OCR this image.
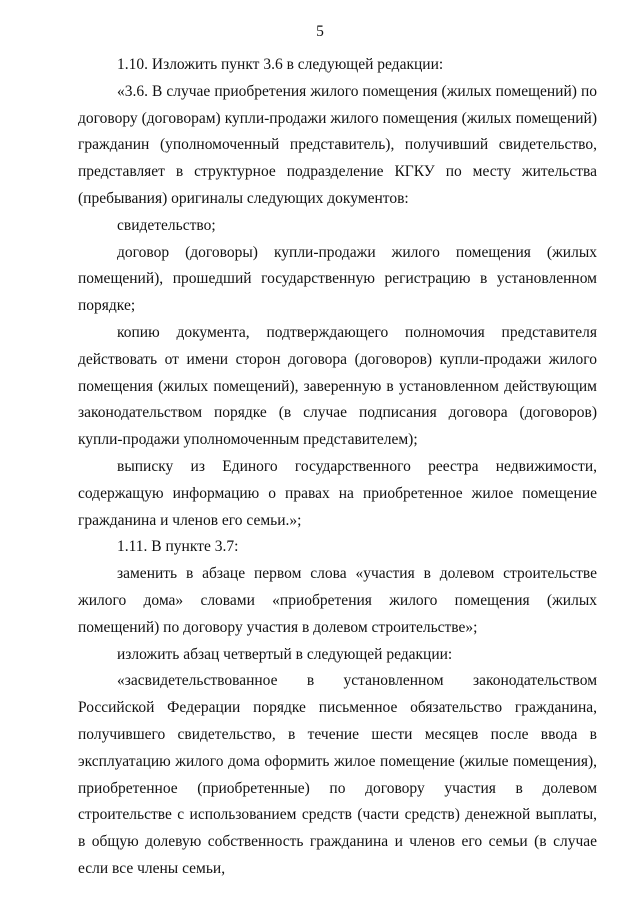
5

1.10. Изложить пункт 3.6 в следующей редакции:

«3.6. В случае приобретения жилого помещения (жилых помещений) по договору (договорам) купли-продажи жилого помещения (жилых помещений) гражданин (уполномоченный представитель), получивший свидетельство, представляет в структурное подразделение КГКУ по месту жительства (пребывания) оригиналы следующих документов:

свидетельство;

договор (договоры) купли-продажи жилого помещения (жилых помещений), прошедший государственную регистрацию в установленном порядке;

копию документа, подтверждающего полномочия представителя действовать от имени сторон договора (договоров) купли-продажи жилого помещения (жилых помещений), заверенную в установленном действующим законодательством порядке (в случае подписания договора (договоров) купли-продажи уполномоченным представителем);

выписку из Единого государственного реестра недвижимости, содержащую информацию о правах на приобретенное жилое помещение гражданина и членов его семьи.»;

1.11. В пункте 3.7:

заменить в абзаце первом слова «участия в долевом строительстве жилого дома» словами «приобретения жилого помещения (жилых помещений) по договору участия в долевом строительстве»;

изложить абзац четвертый в следующей редакции:

«засвидетельствованное в установленном законодательством Российской Федерации порядке письменное обязательство гражданина, получившего свидетельство, в течение шести месяцев после ввода в эксплуатацию жилого дома оформить жилое помещение (жилые помещения), приобретенное (приобретенные) по договору участия в долевом строительстве с использованием средств (части средств) денежной выплаты, в общую долевую собственность гражданина и членов его семьи (в случае если все члены семьи,
